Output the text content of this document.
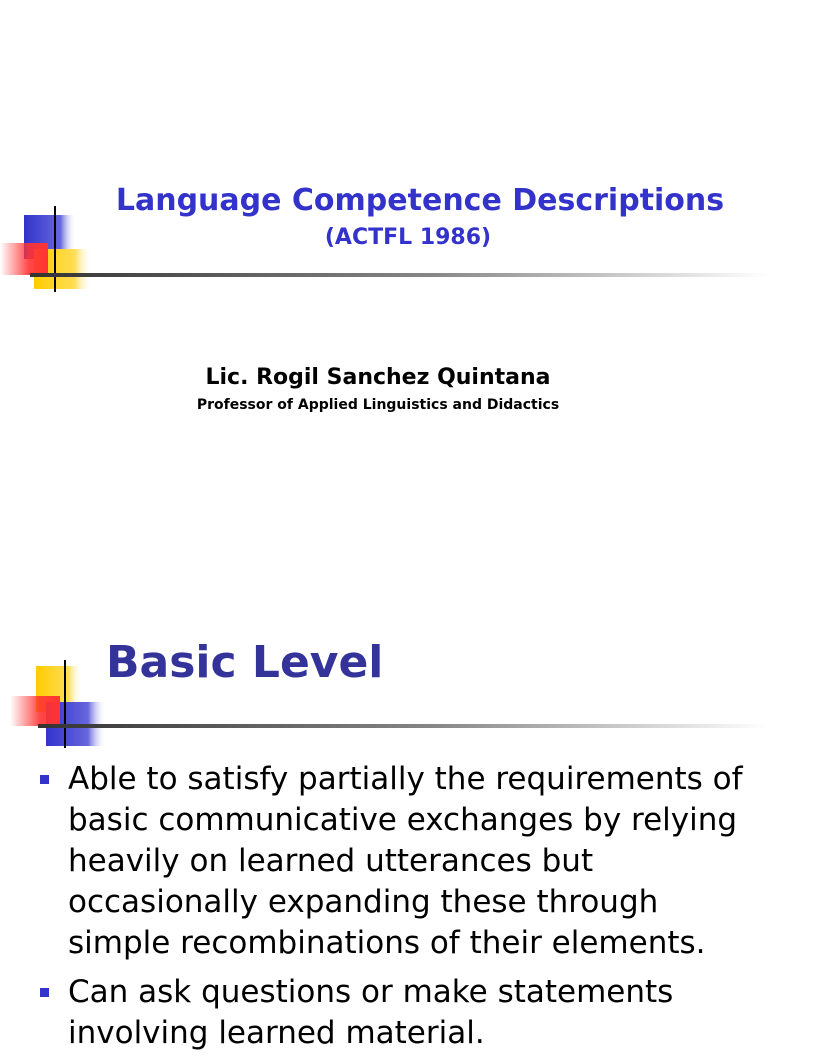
Language Competence Descriptions
(ACTFL 1986)
Lic. Rogil Sanchez Quintana
Professor of Applied Linguistics and Didactics
Basic Level
Able to satisfy partially the requirements of
basic communicative exchanges by relying
heavily on learned utterances but
occasionally expanding these through
simple recombinations of their elements.
Can ask questions or make statements
involving learned material.
